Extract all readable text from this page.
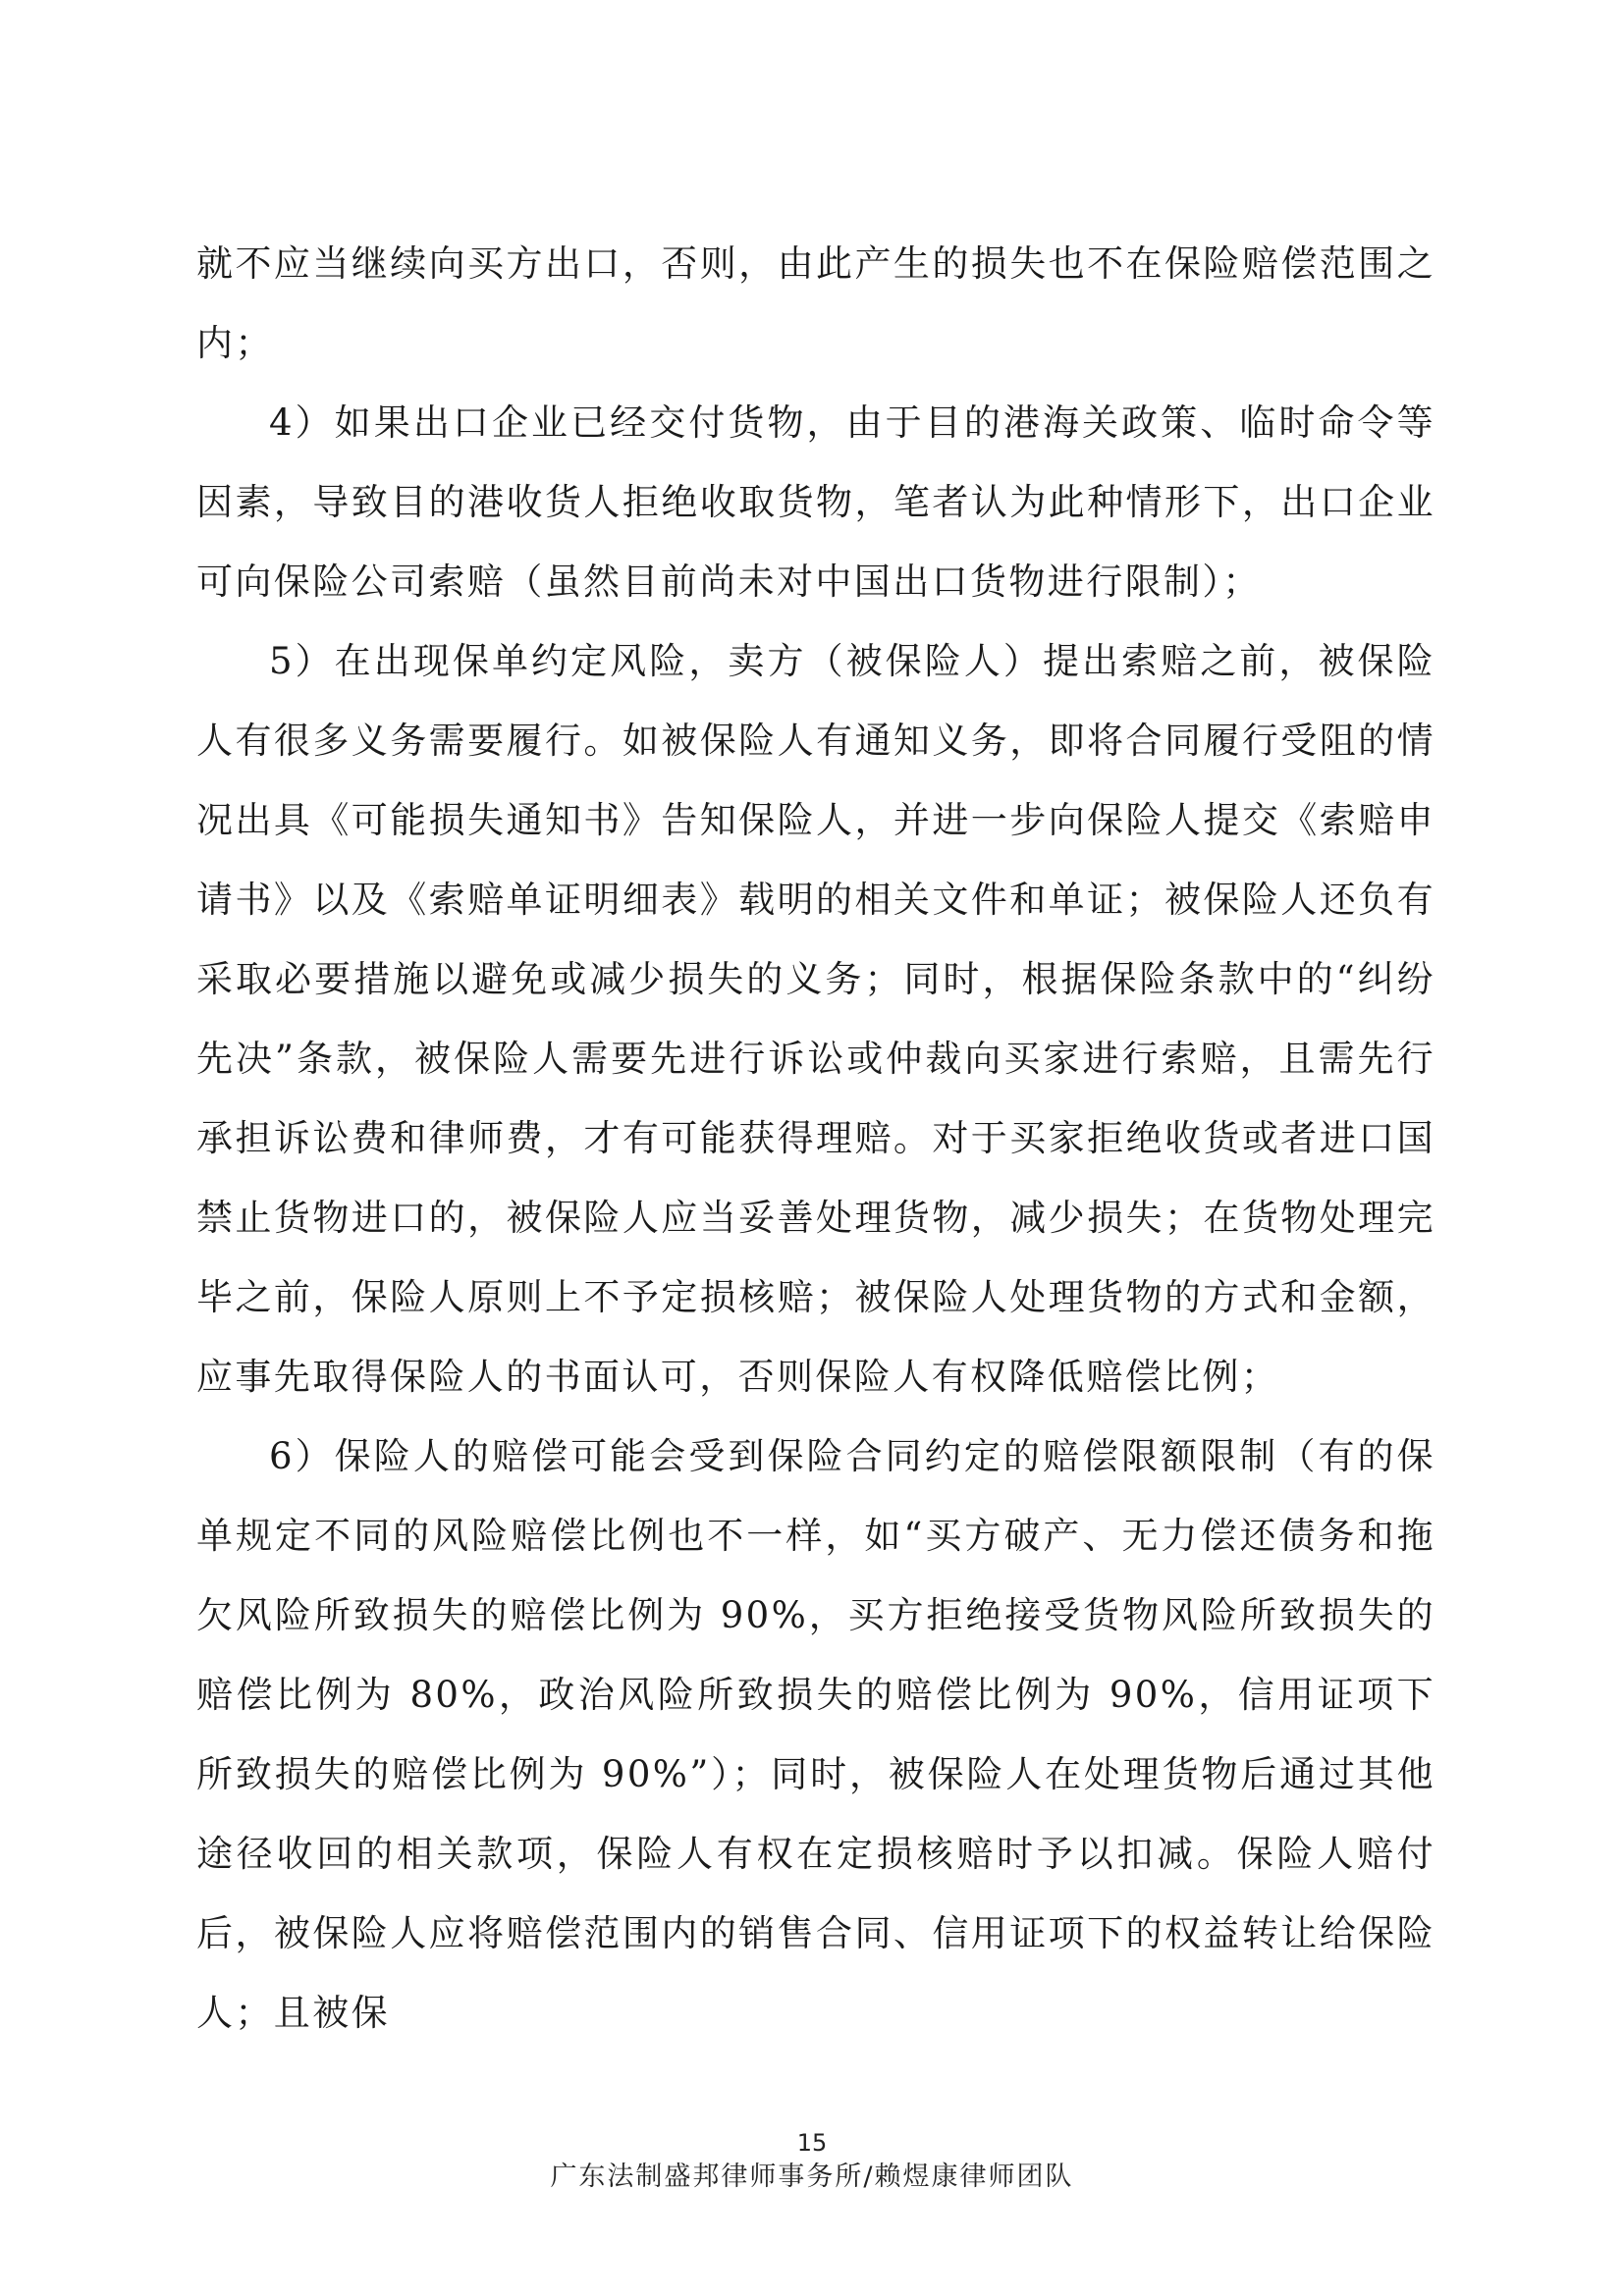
就不应当继续向买方出口，否则，由此产生的损失也不在保险赔偿范围之内；

4）如果出口企业已经交付货物，由于目的港海关政策、临时命令等因素，导致目的港收货人拒绝收取货物，笔者认为此种情形下，出口企业可向保险公司索赔（虽然目前尚未对中国出口货物进行限制）；

5）在出现保单约定风险，卖方（被保险人）提出索赔之前，被保险人有很多义务需要履行。如被保险人有通知义务，即将合同履行受阻的情况出具《可能损失通知书》告知保险人，并进一步向保险人提交《索赔申请书》以及《索赔单证明细表》载明的相关文件和单证；被保险人还负有采取必要措施以避免或减少损失的义务；同时，根据保险条款中的“纠纷先决”条款，被保险人需要先进行诉讼或仲裁向买家进行索赔，且需先行承担诉讼费和律师费，才有可能获得理赔。对于买家拒绝收货或者进口国禁止货物进口的，被保险人应当妥善处理货物，减少损失；在货物处理完毕之前，保险人原则上不予定损核赔；被保险人处理货物的方式和金额，应事先取得保险人的书面认可，否则保险人有权降低赔偿比例；

6）保险人的赔偿可能会受到保险合同约定的赔偿限额限制（有的保单规定不同的风险赔偿比例也不一样，如“买方破产、无力偿还债务和拖欠风险所致损失的赔偿比例为 90%，买方拒绝接受货物风险所致损失的赔偿比例为 80%，政治风险所致损失的赔偿比例为 90%，信用证项下所致损失的赔偿比例为 90%”）；同时，被保险人在处理货物后通过其他途径收回的相关款项，保险人有权在定损核赔时予以扣减。保险人赔付后，被保险人应将赔偿范围内的销售合同、信用证项下的权益转让给保险人；且被保

15
广东法制盛邦律师事务所/赖煜康律师团队
